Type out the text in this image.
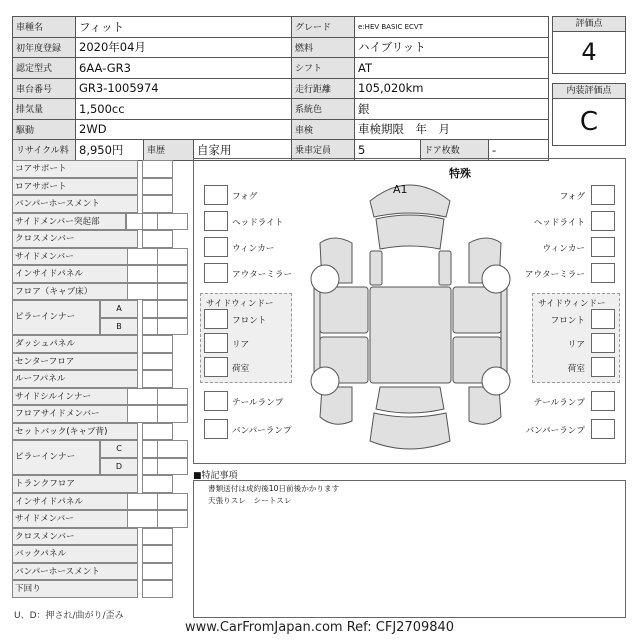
車種名	フィット			グレード	e:HEV BASIC ECVT		
初年度登録	2020年04月			燃料	ハイブリット		
認定型式	6AA-GR3			シフト	AT		
車台番号	GR3-1005974			走行距離	105,020km		
排気量	1,500cc			系統色	銀		
駆動	2WD			車検	車検期限　年　月		
リサイクル料	8,950円	車歴	自家用	乗車定員	5	ドア枚数	-
評価点
4
内装評価点
C
コアサポート
ロアサポート
バンパーホースメント
サイドメンバー突起部
クロスメンバー
サイドメンバー
インサイドパネル
フロア（キャブ床）
ピラーインナー
A
B
ダッシュパネル
センターフロア
ルーフパネル
サイドシルインナー
フロアサイドメンバー
セットバック(キャブ背)
ピラーインナー
C
D
トランクフロア
インサイドパネル
サイドメンバー
クロスメンバー
バックパネル
バンパーホースメント
下回り
U、D：押され/曲がり/歪み
特殊
A1
フォグ	フォグ
ヘッドライト	ヘッドライト
ウィンカー	ウィンカー
アウターミラー	アウターミラー
サイドウィンドー	サイドウィンドー
フロント	フロント
リア	リア
荷室	荷室
テールランプ	テールランプ
バンパーランプ	バンパーランプ
■特記事項
書類送付は成約後10日前後かかります
天張りスレ　シートスレ
www.CarFromJapan.com Ref: CFJ2709840
